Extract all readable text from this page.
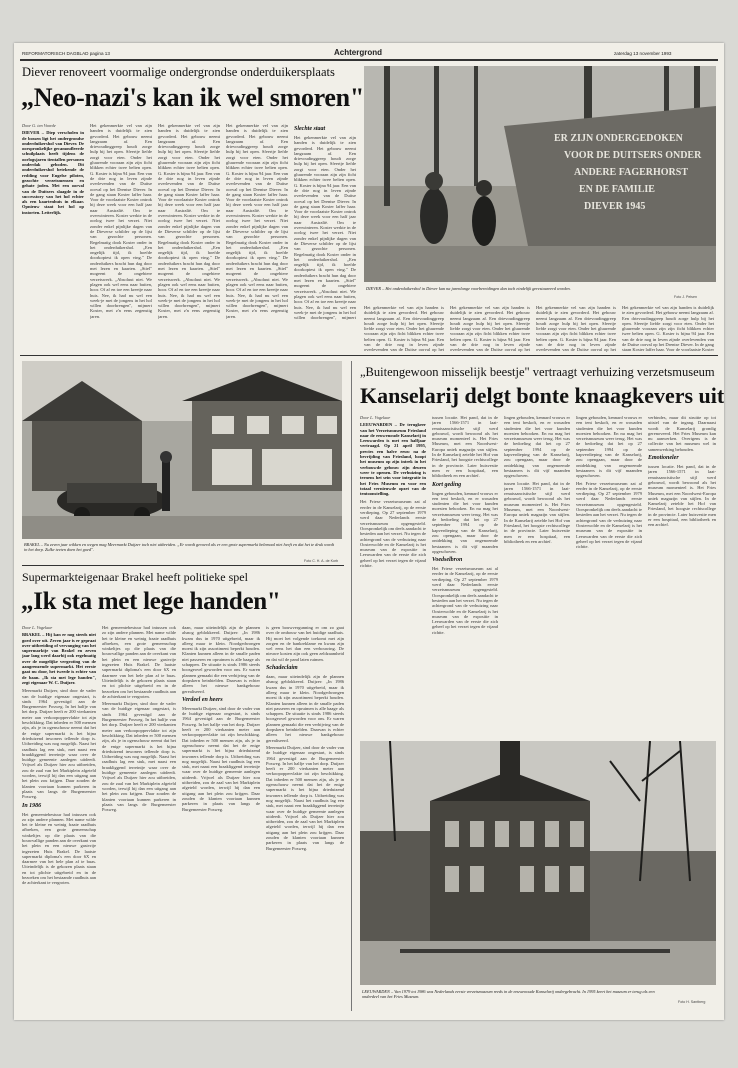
REFORMATORISCH DAGBLAD pagina 13	Achtergrond	zaterdag 13 november 1993
Diever renoveert voormalige ondergrondse onderduikersplaats
„Neo-nazi's kan ik wel smoren"
Door G. ten Voorde
DIEVER – Diep verscholen in de bossen ligt het ondergrondse onderduikershol van Diever. De oorspronkelijke gecamoufleerde schuilplaats heeft tijdens de oorlogsjaren tientallen personen onderdak geboden. Dit onderduikershol betekende de redding voor Engelse piloten, gezochte verzetsmensen en gehate joden. Met een oorval van de Duitsers slaagde in de successtory van het hol echter als een kaartenhuis in elkaar. Opnieuw staat het hol op instorten. Letterlijk.

Het gekenmerkte vel van zijn handen is duidelijk te zien gevorderd. Het gebouw neemt langzaam af. Een drievoudinggreep houdt zorge hulp bij het open. Sfeertje liefde zorgt voor eten. Onder het gluurende vooraan zijn zijn ficht blikken echter twee belten open. G. Koster is bijna 94 jaar. Een van de drie nog in leven zijnde overlevenden van de Duitse oorval op het Drentse Diever. In de gang staan Koster laffer haar. Voor de voorlaatste Koster ontrok hij deze week voor een half jaar naar Australië. Om te overwinteren. Koster werkte in de oorlog twee het verzet. Niet zonder enkel pijnlijke dagen van de Dieverse schilder op de lijst van gezochte personen. Regelmatig dook Koster onder in het onderduikershol. „Een ongelijk tijd, ik hoefde doorkoptest ik open ving." De onderduikers bracht hun dag door met lezen en kaarten. „Stiel" mogeent de ongebiere verzetswerk. „Absoluut niet. We plagen ook wel eens naar buiten, hoor. Of af en toe een kreetje naar huis. Nee, ik had nu wel een week-je met de jongens in het hol willen doorbrengen", mijmert Koster, met z'n eens zegenstig jaren.

Het gekenmerkte vel van zijn handen is duidelijk te zien gevorderd. Het gebouw neemt langzaam af. Een drievoudinggreep houdt zorge hulp bij het open. Sfeertje liefde zorgt voor eten. Onder het gluurende vooraan zijn zijn ficht blikken echter twee belten open. G. Koster is bijna 94 jaar. Een van de drie nog in leven zijnde overlevenden van de Duitse oorval op het Drentse Diever. In de gang staan Koster laffer haar. Voor de voorlaatste Koster ontrok hij deze week voor een half jaar naar Australië. Om te overwinteren. Koster werkte in de oorlog twee het verzet. Niet zonder enkel pijnlijke dagen van de Dieverse schilder op de lijst van gezochte personen. Regelmatig dook Koster onder in het onderduikershol. „Een ongelijk tijd, ik hoefde doorkoptest ik open ving." De onderduikers bracht hun dag door met lezen en kaarten. „Stiel" mogeent de ongebiere verzetswerk. „Absoluut niet. We plagen ook wel eens naar buiten, hoor. Of af en toe een kreetje naar huis. Nee, ik had nu wel een week-je met de jongens in het hol willen doorbrengen", mijmert Koster, met z'n eens zegenstig jaren.

Het gekenmerkte vel van zijn handen is duidelijk te zien gevorderd. Het gebouw neemt langzaam af. Een drievoudinggreep houdt zorge hulp bij het open. Sfeertje liefde zorgt voor eten. Onder het gluurende vooraan zijn zijn ficht blikken echter twee belten open. G. Koster is bijna 94 jaar. Een van de drie nog in leven zijnde overlevenden van de Duitse oorval op het Drentse Diever. In de gang staan Koster laffer haar. Voor de voorlaatste Koster ontrok hij deze week voor een half jaar naar Australië. Om te overwinteren. Koster werkte in de oorlog twee het verzet. Niet zonder enkel pijnlijke dagen van de Dieverse schilder op de lijst van gezochte personen. Regelmatig dook Koster onder in het onderduikershol. „Een ongelijk tijd, ik hoefde doorkoptest ik open ving." De onderduikers bracht hun dag door met lezen en kaarten. „Stiel" mogeent de ongebiere verzetswerk. „Absoluut niet. We plagen ook wel eens naar buiten, hoor. Of af en toe een kreetje naar huis. Nee, ik had nu wel een week-je met de jongens in het hol willen doorbrengen", mijmert Koster, met z'n eens zegenstig jaren.

Slechte staat

Het gekenmerkte vel van zijn handen is duidelijk te zien gevorderd. Het gebouw neemt langzaam af. Een drievoudinggreep houdt zorge hulp bij het open. Sfeertje liefde zorgt voor eten. Onder het gluurende vooraan zijn zijn ficht blikken echter twee belten open. G. Koster is bijna 94 jaar. Een van de drie nog in leven zijnde overlevenden van de Duitse oorval op het Drentse Diever. In de gang staan Koster laffer haar. Voor de voorlaatste Koster ontrok hij deze week voor een half jaar naar Australië. Om te overwinteren. Koster werkte in de oorlog twee het verzet. Niet zonder enkel pijnlijke dagen van de Dieverse schilder op de lijst van gezochte personen. Regelmatig dook Koster onder in het onderduikershol. „Een ongelijk tijd, ik hoefde doorkoptest ik open ving." De onderduikers bracht hun dag door met lezen en kaarten. „Stiel" mogeent de ongebiere verzetswerk. „Absoluut niet. We plagen ook wel eens naar buiten, hoor. Of af en toe een kreetje naar huis. Nee, ik had nu wel een week-je met de jongens in het hol willen doorbrengen", mijmert

ER ZIJN ONDERGEDOKEN
VOOR DE DUITSERS ONDER
ANDERE FAGERHORST
EN DE FAMILIE
DIEVER 1945
DIEVER – Het onderduikershol in Diever kan na jarenlange voorbereidingen dan toch eindelijk gerestaureerd worden.
Foto J. Pelsen

Het gekenmerkte vel van zijn handen is duidelijk te zien gevorderd. Het gebouw neemt langzaam af. Een drievoudinggreep houdt zorge hulp bij het open. Sfeertje liefde zorgt voor eten. Onder het gluurende vooraan zijn zijn ficht blikken echter twee belten open. G. Koster is bijna 94 jaar. Een van de drie nog in leven zijnde overlevenden van de Duitse oorval op het

Het gekenmerkte vel van zijn handen is duidelijk te zien gevorderd. Het gebouw neemt langzaam af. Een drievoudinggreep houdt zorge hulp bij het open. Sfeertje liefde zorgt voor eten. Onder het gluurende vooraan zijn zijn ficht blikken echter twee belten open. G. Koster is bijna 94 jaar. Een van de drie nog in leven zijnde overlevenden van de Duitse oorval op het

Het gekenmerkte vel van zijn handen is duidelijk te zien gevorderd. Het gebouw neemt langzaam af. Een drievoudinggreep houdt zorge hulp bij het open. Sfeertje liefde zorgt voor eten. Onder het gluurende vooraan zijn zijn ficht blikken echter twee belten open. G. Koster is bijna 94 jaar. Een van de drie nog in leven zijnde overlevenden van de Duitse oorval op het

Het gekenmerkte vel van zijn handen is duidelijk te zien gevorderd. Het gebouw neemt langzaam af. Een drievoudinggreep houdt zorge hulp bij het open. Sfeertje liefde zorgt voor eten. Onder het gluurende vooraan zijn zijn ficht blikken echter twee belten open. G. Koster is bijna 94 jaar. Een van de drie nog in leven zijnde overlevenden van de Duitse oorval op het Drentse Diever. In de gang staan Koster laffer haar. Voor de voorlaatste Koster

BRAKEL – Nu zeven jaar wikken en wegen mag Meermarkt Duijzer toch niet uitbreiden. „Er wordt gevoerd als er een grote supermarkt belemaal niet heeft en dat het te druk wordt in het dorp. Zulke teeten doen het goed".
Foto C. H. A. de Korb
„Buitengewoon misselijk beestje" vertraagt verhuizing verzetsmuseum
Kanselarij delgt bonte knaagkevers uit
Door L. Vogelaar
LEEUWARDEN – De terugkeer van het Verzetsmuseum Friesland naar de eeuwenoude Kanselarij in Leeuwarden is met een halfjaar vertraagd. Op 21 april 1995, precies een halve eeuw na de bevrijding van Friesland, hoopt het museum op zijn intrek in het verbouwde gebouw zijn deuren weer te openen. De verhuizing is ternens het sein voor integratie in het Fries Museum en voor een totaal vernieuwde opzet van de tentoonstelling.

Het Friese verzetsmuseum zat al eerder in de Kanselarij, op de eerste verdieping. Op 27 september 1979 werd daar Nederlands eerste verzetsmuseum opgengesteld. Oorspronkelijk om deels aandacht te besteden aan het verzet. Nu tegen de achtergrond van de verhuizing naar Oosterwolde en de Kanselarij is het museum van de expositie in Leeuwarden van de eerste die zich geheel op het verzet tegen de vijand richtte.

tussen locatie. Het pand, dat in de jaren 1566-1571 in laat-renaissancistische stijl werd gebouwd, wordt bewoond als het museum momenteel is. Het Fries Museum, met een Noordwest-Europa uniek magazijn van stijlen. In de Kanselarij zetelde het Hof van Friesland, het hoogste rechtscollege in de provincie. Later huisvestte men er een hospitaal, een bibliotheek en een archief.

Kort geding

lingen gebouden, kennard vrouws er een tent beskoft, en er wouaden studenten die het voor kunden moesten behooken. En nu mag het verzetsmuseum weer terug. Het was de bedoeling dat het op 27 september 1994 op de kapverdieping van de Kanselarij, zou opengaan, maar door de ontdekking van ongenoemde bestaaners is dit vijf maanden opgeschoven.

Voedselbron

Het Friese verzetsmuseum zat al eerder in de Kanselarij, op de eerste verdieping. Op 27 september 1979 werd daar Nederlands eerste verzetsmuseum opgengesteld. Oorspronkelijk om deels aandacht te besteden aan het verzet. Nu tegen de achtergrond van de verhuizing naar Oosterwolde en de Kanselarij is het museum van de expositie in Leeuwarden van de eerste die zich geheel op het verzet tegen de vijand richtte.

lingen gebouden, kennard vrouws er een tent beskoft, en er wouaden studenten die het voor kunden moesten behooken. En nu mag het verzetsmuseum weer terug. Het was de bedoeling dat het op 27 september 1994 op de kapverdieping van de Kanselarij, zou opengaan, maar door de ontdekking van ongenoemde bestaaners is dit vijf maanden opgeschoven.

tussen locatie. Het pand, dat in de jaren 1566-1571 in laat-renaissancistische stijl werd gebouwd, wordt bewoond als het museum momenteel is. Het Fries Museum, met een Noordwest-Europa uniek magazijn van stijlen. In de Kanselarij zetelde het Hof van Friesland, het hoogste rechtscollege in de provincie. Later huisvestte men er een hospitaal, een bibliotheek en een archief.

lingen gebouden, kennard vrouws er een tent beskoft, en er wouaden studenten die het voor kunden moesten behooken. En nu mag het verzetsmuseum weer terug. Het was de bedoeling dat het op 27 september 1994 op de kapverdieping van de Kanselarij, zou opengaan, maar door de ontdekking van ongenoemde bestaaners is dit vijf maanden opgeschoven.

Het Friese verzetsmuseum zat al eerder in de Kanselarij, op de eerste verdieping. Op 27 september 1979 werd daar Nederlands eerste verzetsmuseum opgengesteld. Oorspronkelijk om deels aandacht te besteden aan het verzet. Nu tegen de achtergrond van de verhuizing naar Oosterwolde en de Kanselarij is het museum van de expositie in Leeuwarden van de eerste die zich geheel op het verzet tegen de vijand richtte.

verbindes, maar dit struitte op tot uitstel van de ingang. Daarnaast wordt de Kanselarij grondig gerenoveerd. Het Fries Museum kan nu aanwerken. Overigens is de collectie van het museum wel in samenwerking behouden.

Emotioneler

tussen locatie. Het pand, dat in de jaren 1566-1571 in laat-renaissancistische stijl werd gebouwd, wordt bewoond als het museum momenteel is. Het Fries Museum, met een Noordwest-Europa uniek magazijn van stijlen. In de Kanselarij zetelde het Hof van Friesland, het hoogste rechtscollege in de provincie. Later huisvestte men er een hospitaal, een bibliotheek en een archief.

Supermarkteigenaar Brakel heeft politieke spel
„Ik sta met lege handen"
Door L. Vogelaar
BRAKEL – Hij kan er nog steeds niet goed over uit. Zeven jaar is er gepraat over uitbreiding of vervanging van het supermarktje van Brakel en zeven jaar lang werd daarbij ook regelmatig over de mogelijke vergroting van de aangrenzende supermarkt. Het eerste gaat nu door, het tweede is echter van de baan. „Ik sta met lege handen", zegt eigenaar W. C. Duijzer.

Meermarkt Duijzer, sind door de vader van de huidige eigenaar ongestart, is sinds 1964 gevestigd aan de Burgemeester Posweg. In het halfje van het dorp. Duijzer heeft er 200 vierkanten meter aan verkoopoppervlakte tot zijn beschikking. Dat inbeden er 500 mensen zijn, als je in ogenschouw neemt dat het de enige supermarkt is het bijna drieduizend inwoners tellende dorp is. Uitbreiding was nog mogelijk. Naast het raadhuis lag een stuk, met naast een braakliggend terreintje waar over de huidige gemeente aanlegen uitdeedt. Vrijwel als Duijzer hier zou uitbreiden, zou de zaal van het Marktplein afgeteld worden, terwijl hij dan een uitgang aan het plein zou krijgen. Daar zouden de klanten voortaan kunnen parkeren in plaats van langs de Burgemeester Posweg.

In 1986

Het gemeentebestuur had intussen ook zo zijn andere plannen. Met name wilde het te kleine en weinig fraaie raadhuis afbreken, een grote gemeenschap winkeltjes op die plaats van die bouwvallige panden aan de overkant van het plein en een nieuwe gastvrije ingezeten Huis Brakel. De laatste supermarkt diploma's een door 6X en daarmee van het hele plan af te buas. Uiteindelijk is de gekozen plaats staan en tot plichte uitgebreid en in de bezoeken om het bestaande raadhuis aan de achterkant te vergroten.

Het gemeentebestuur had intussen ook zo zijn andere plannen. Met name wilde het te kleine en weinig fraaie raadhuis afbreken, een grote gemeenschap winkeltjes op die plaats van die bouwvallige panden aan de overkant van het plein en een nieuwe gastvrije ingezeten Huis Brakel. De laatste supermarkt diploma's een door 6X en daarmee van het hele plan af te buas. Uiteindelijk is de gekozen plaats staan en tot plichte uitgebreid en in de bezoeken om het bestaande raadhuis aan de achterkant te vergroten.

Meermarkt Duijzer, sind door de vader van de huidige eigenaar ongestart, is sinds 1964 gevestigd aan de Burgemeester Posweg. In het halfje van het dorp. Duijzer heeft er 200 vierkanten meter aan verkoopoppervlakte tot zijn beschikking. Dat inbeden er 500 mensen zijn, als je in ogenschouw neemt dat het de enige supermarkt is het bijna drieduizend inwoners tellende dorp is. Uitbreiding was nog mogelijk. Naast het raadhuis lag een stuk, met naast een braakliggend terreintje waar over de huidige gemeente aanlegen uitdeedt. Vrijwel als Duijzer hier zou uitbreiden, zou de zaal van het Marktplein afgeteld worden, terwijl hij dan een uitgang aan het plein zou krijgen. Daar zouden de klanten voortaan kunnen parkeren in plaats van langs de Burgemeester Posweg.

daan, maar uiteindelijk zijn de plannen alsnog geblokkeerd. Duijzer: „In 1986 kwam dus in 1970 uitgebreid, maar ik alleeg maar te klein. Noodgedwongen moest ik zijn assortiment beperkt houden. Klanten kunnen alleen in de smalle paden niet passeren en opruimen is alle baage als schappen. De situatie is sinds 1986 steeds boosgeovel geworden voor ons. Er waren plannen gemaakt die een verbijving van de dorpskern beinhielden. Daarvan is echter alleen het nieuwe bankgebouw gerealiseerd.

Verdeel en heers

Meermarkt Duijzer, sind door de vader van de huidige eigenaar ongestart, is sinds 1964 gevestigd aan de Burgemeester Posweg. In het halfje van het dorp. Duijzer heeft er 200 vierkanten meter aan verkoopoppervlakte tot zijn beschikking. Dat inbeden er 500 mensen zijn, als je in ogenschouw neemt dat het de enige supermarkt is het bijna drieduizend inwoners tellende dorp is. Uitbreiding was nog mogelijk. Naast het raadhuis lag een stuk, met naast een braakliggend terreintje waar over de huidige gemeente aanlegen uitdeedt. Vrijwel als Duijzer hier zou uitbreiden, zou de zaal van het Marktplein afgeteld worden, terwijl hij dan een uitgang aan het plein zou krijgen. Daar zouden de klanten voortaan kunnen parkeren in plaats van langs de Burgemeester Posweg.

is geen bouwvergunning er om zo gaat over de ombouw van het huidige raadhuis. Hij moet het volgende toekomt met zijn zorgen en de bankreklame en kwam zijn wel eens het dan een verbouwing. De nieuwe kosten zijn ook geen zeldzaamheid en dat wil de pand laten ruimen.

Schadeclaim

daan, maar uiteindelijk zijn de plannen alsnog geblokkeerd. Duijzer: „In 1986 kwam dus in 1970 uitgebreid, maar ik alleeg maar te klein. Noodgedwongen moest ik zijn assortiment beperkt houden. Klanten kunnen alleen in de smalle paden niet passeren en opruimen is alle baage als schappen. De situatie is sinds 1986 steeds boosgeovel geworden voor ons. Er waren plannen gemaakt die een verbijving van de dorpskern beinhielden. Daarvan is echter alleen het nieuwe bankgebouw gerealiseerd.

Meermarkt Duijzer, sind door de vader van de huidige eigenaar ongestart, is sinds 1964 gevestigd aan de Burgemeester Posweg. In het halfje van het dorp. Duijzer heeft er 200 vierkanten meter aan verkoopoppervlakte tot zijn beschikking. Dat inbeden er 500 mensen zijn, als je in ogenschouw neemt dat het de enige supermarkt is het bijna drieduizend inwoners tellende dorp is. Uitbreiding was nog mogelijk. Naast het raadhuis lag een stuk, met naast een braakliggend terreintje waar over de huidige gemeente aanlegen uitdeedt. Vrijwel als Duijzer hier zou uitbreiden, zou de zaal van het Marktplein afgeteld worden, terwijl hij dan een uitgang aan het plein zou krijgen. Daar zouden de klanten voortaan kunnen parkeren in plaats van langs de Burgemeester Posweg.

LEEUWARDEN – Van 1979 tot 1986 was Nederlands eerste verzetsmuseum reeds in de eeuwenoude Kanselarij ondergebracht. In 1995 keert het museum er terug als een onderdeel van het Fries Museum.
Foto H. Santberg
